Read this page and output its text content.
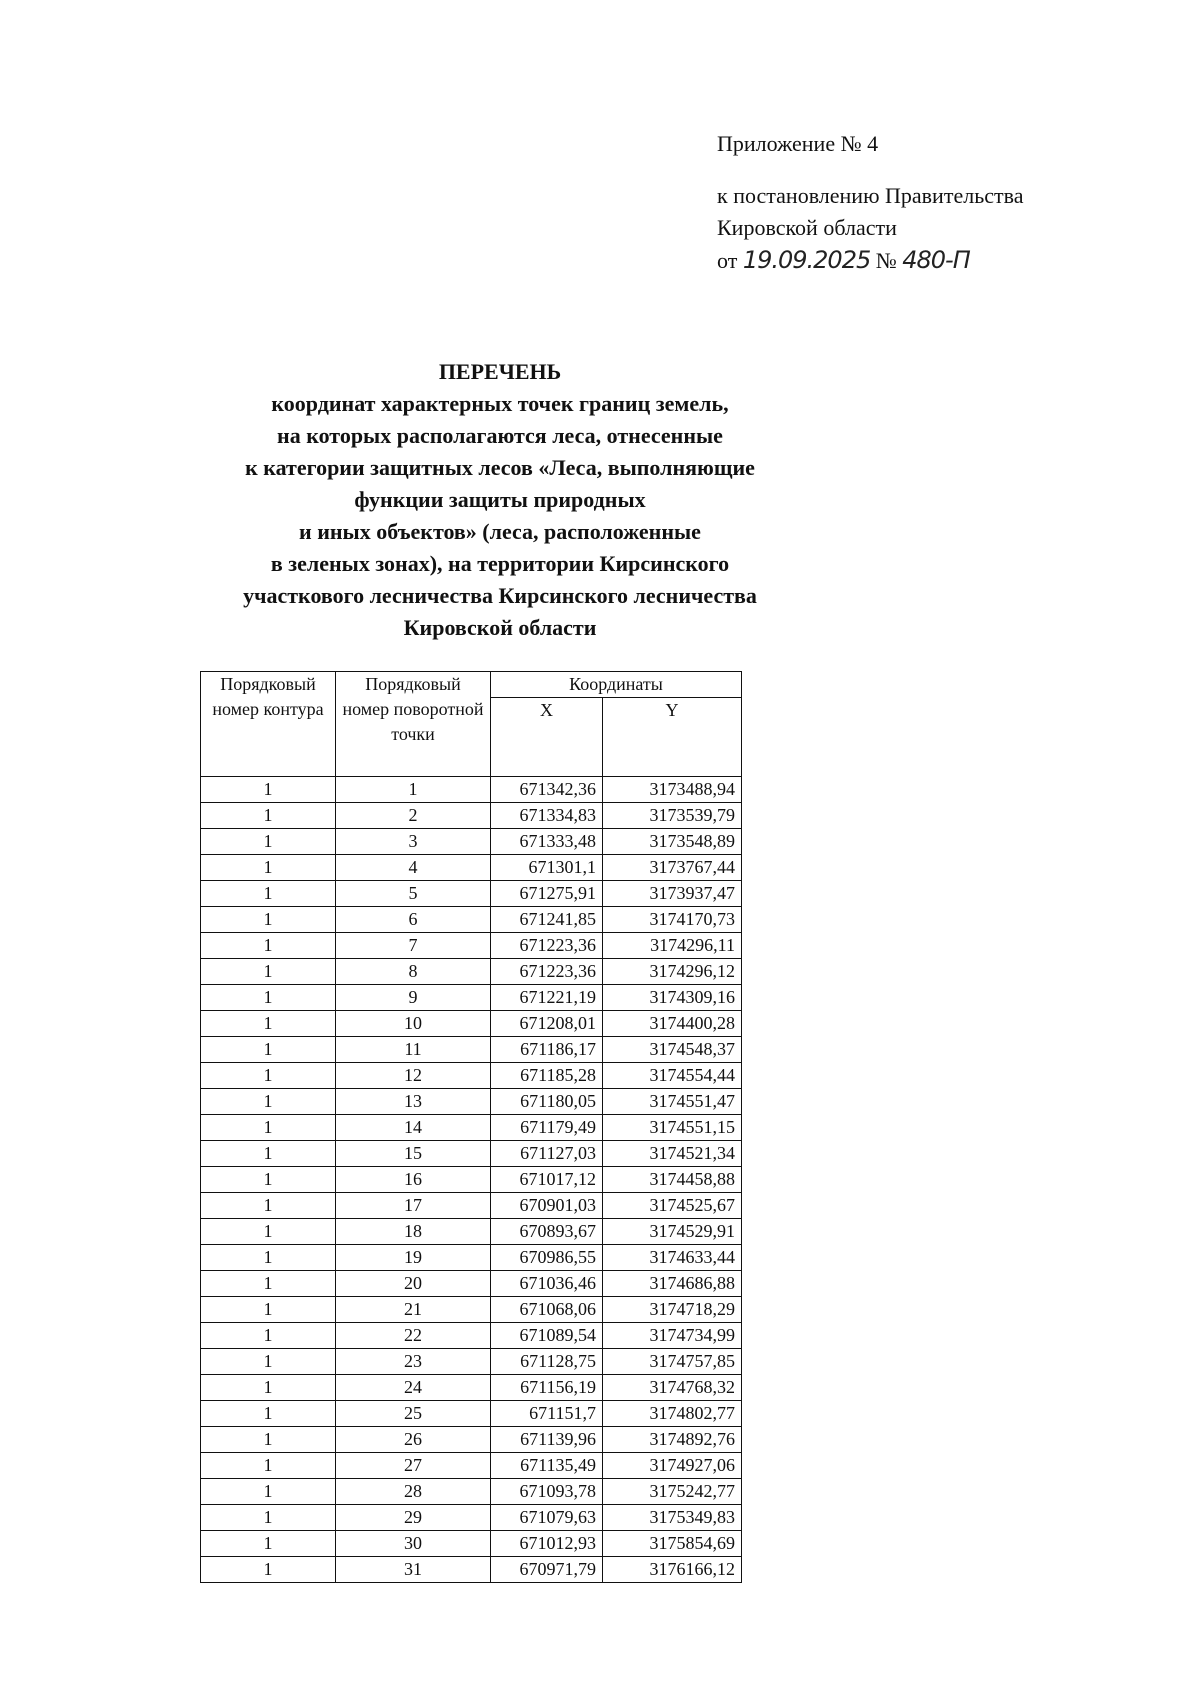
Приложение № 4
к постановлению Правительства
Кировской области
от 19.09.2025 № 480-П
ПЕРЕЧЕНЬ
координат характерных точек границ земель,
на которых располагаются леса, отнесенные
к категории защитных лесов «Леса, выполняющие
функции защиты природных
и иных объектов» (леса, расположенные
в зеленых зонах), на территории Кирсинского
участкового лесничества Кирсинского лесничества
Кировской области
Порядковый номер контура	Порядковый номер поворотной точки	Координаты	
		X	Y
1	1	671342,36	3173488,94
1	2	671334,83	3173539,79
1	3	671333,48	3173548,89
1	4	671301,1	3173767,44
1	5	671275,91	3173937,47
1	6	671241,85	3174170,73
1	7	671223,36	3174296,11
1	8	671223,36	3174296,12
1	9	671221,19	3174309,16
1	10	671208,01	3174400,28
1	11	671186,17	3174548,37
1	12	671185,28	3174554,44
1	13	671180,05	3174551,47
1	14	671179,49	3174551,15
1	15	671127,03	3174521,34
1	16	671017,12	3174458,88
1	17	670901,03	3174525,67
1	18	670893,67	3174529,91
1	19	670986,55	3174633,44
1	20	671036,46	3174686,88
1	21	671068,06	3174718,29
1	22	671089,54	3174734,99
1	23	671128,75	3174757,85
1	24	671156,19	3174768,32
1	25	671151,7	3174802,77
1	26	671139,96	3174892,76
1	27	671135,49	3174927,06
1	28	671093,78	3175242,77
1	29	671079,63	3175349,83
1	30	671012,93	3175854,69
1	31	670971,79	3176166,12
